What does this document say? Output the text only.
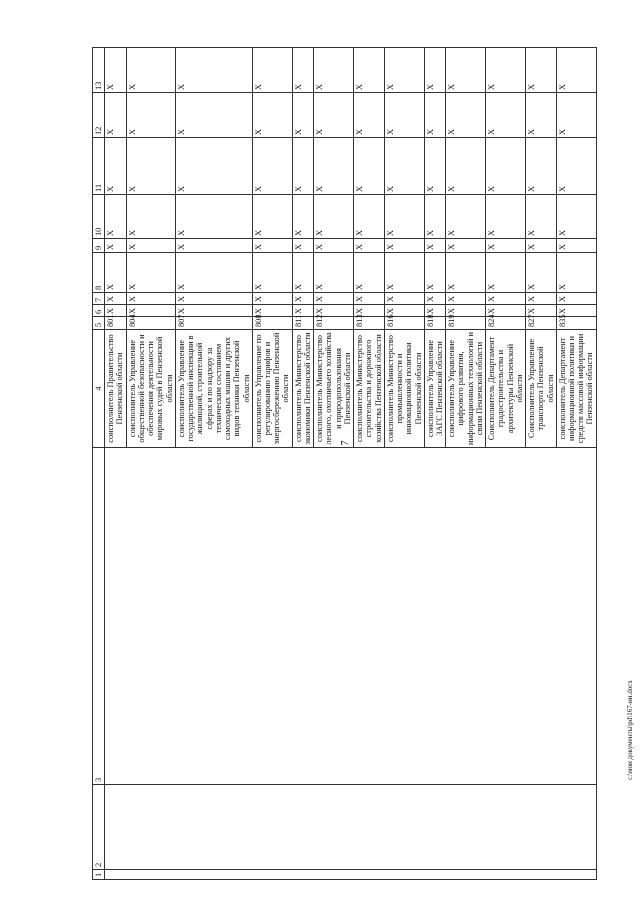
7
1	2	3	4	5	6	7	8	9	10	11	12	13
			соисполнитель Правительство Пензенской области	801	Х	Х	Х	Х	Х	Х	Х	Х
			соисполнитель Управление общественной безопасности и обеспечения деятельности мировых судей в Пензенской области	804	Х	Х	Х	Х	Х	Х	Х	Х
			соисполнитель Управление государственной инспекции в жилищной, строительной сферах и по надзору за техническим состоянием самоходных машин и других видов техники Пензенской области	807	Х	Х	Х	Х	Х	Х	Х	Х
			соисполнитель Управление по регулированию тарифов и энергосбережению Пензенской области	808	Х	Х	Х	Х	Х	Х	Х	Х
			соисполнитель Министерство экономики Пензенской области	811	Х	Х	Х	Х	Х	Х	Х	Х
			соисполнитель Министерство лесного, охотничьего хозяйства и природопользования Пензенской области	812	Х	Х	Х	Х	Х	Х	Х	Х
			соисполнитель Министерство строительства и дорожного хозяйства Пензенской области	813	Х	Х	Х	Х	Х	Х	Х	Х
			соисполнитель Министерство промышленности и инновационной политики Пензенской области	816	Х	Х	Х	Х	Х	Х	Х	Х
			соисполнитель Управление ЗАГС Пензенской области	818	Х	Х	Х	Х	Х	Х	Х	Х
			соисполнитель Управление цифрового развития, информационных технологий и связи Пензенской области	819	Х	Х	Х	Х	Х	Х	Х	Х
			Соисполнитель Департамент градостроительства и архитектуры Пензенской области	824	Х	Х	Х	Х	Х	Х	Х	Х
			Соисполнитель Управление транспорта Пензенской области	827	Х	Х	Х	Х	Х	Х	Х	Х
			соисполнитель Департамент информационной политики и средств массовой информации Пензенской области	835	Х	Х	Х	Х	Х	Х	Х	Х
c:\мои документы\pd\167-ии.docx
